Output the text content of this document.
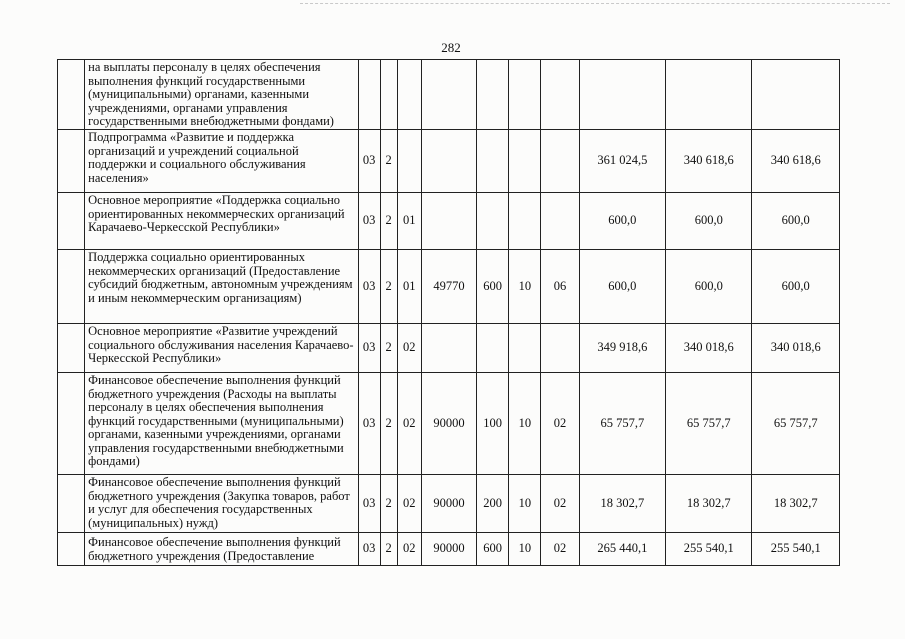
282
	на выплаты персоналу в целях обеспечения выполнения функций государственными (муниципальными) органами, казенными учреждениями, органами управления государственными внебюджетными фондами)										
	Подпрограмма «Развитие и поддержка организаций и учреждений социальной поддержки и социального обслуживания населения»	03	2						361 024,5	340 618,6	340 618,6
	Основное мероприятие «Поддержка социально ориентированных некоммерческих организаций Карачаево-Черкесской Республики»	03	2	01					600,0	600,0	600,0
	Поддержка социально ориентированных некоммерческих организаций (Предоставление субсидий бюджетным, автономным учреждениям и иным некоммерческим организациям)	03	2	01	49770	600	10	06	600,0	600,0	600,0
	Основное мероприятие «Развитие учреждений социального обслуживания населения Карачаево-Черкесской Республики»	03	2	02					349 918,6	340 018,6	340 018,6
	Финансовое обеспечение выполнения функций бюджетного учреждения (Расходы на выплаты персоналу в целях обеспечения выполнения функций государственными (муниципальными) органами, казенными учреждениями, органами управления государственными внебюджетными фондами)	03	2	02	90000	100	10	02	65 757,7	65 757,7	65 757,7
	Финансовое обеспечение выполнения функций бюджетного учреждения (Закупка товаров, работ и услуг для обеспечения государственных (муниципальных) нужд)	03	2	02	90000	200	10	02	18 302,7	18 302,7	18 302,7
	Финансовое обеспечение выполнения функций бюджетного учреждения (Предоставление	03	2	02	90000	600	10	02	265 440,1	255 540,1	255 540,1
